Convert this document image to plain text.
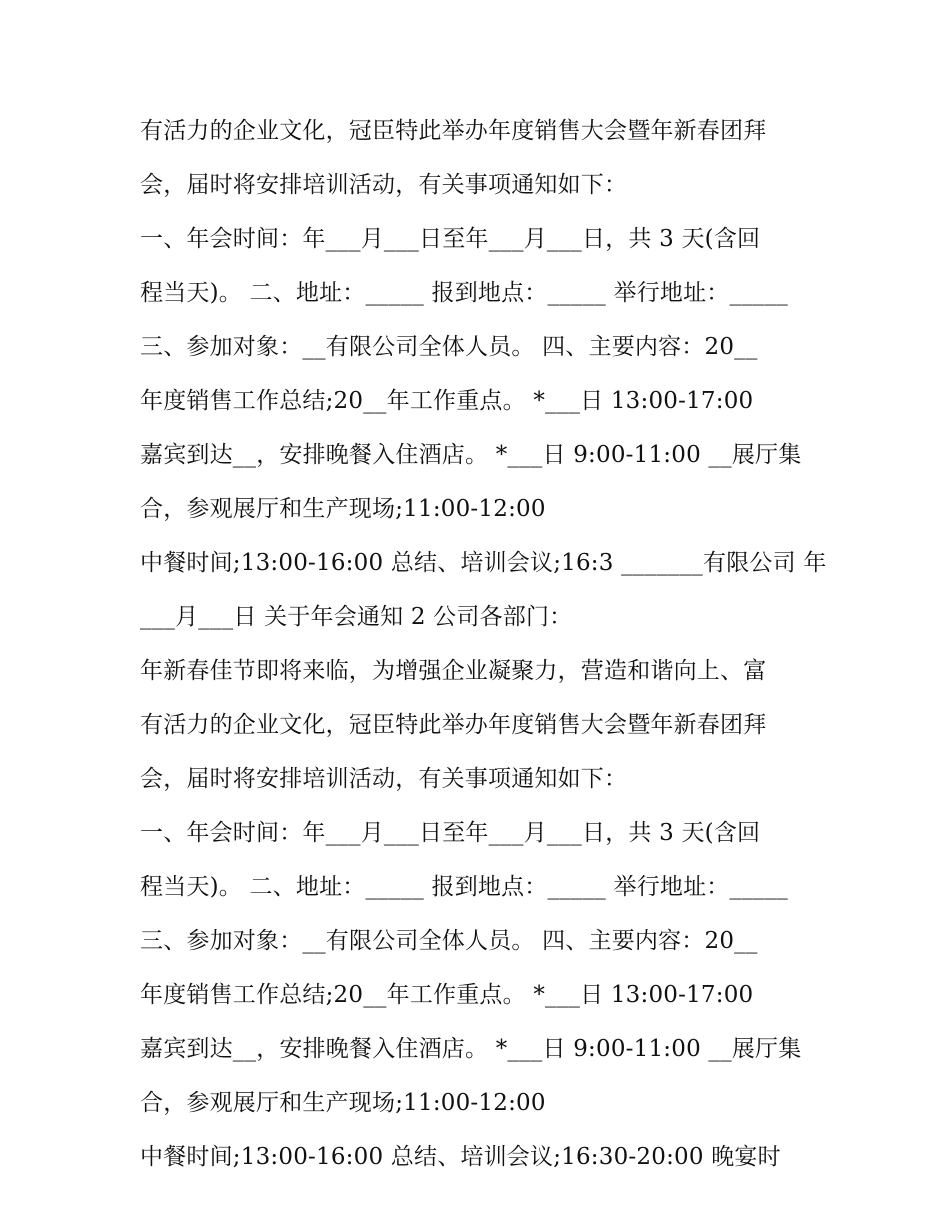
有活力的企业文化，冠臣特此举办年度销售大会暨年新春团拜
会，届时将安排培训活动，有关事项通知如下：
一、年会时间：年___月___日至年___月___日，共 3 天(含回
程当天)。 二、地址：_____ 报到地点：_____ 举行地址：_____
三、参加对象：__有限公司全体人员。 四、主要内容：20__
年度销售工作总结;20__年工作重点。 *___日 13:00-17:00
嘉宾到达__，安排晚餐入住酒店。 *___日 9:00-11:00 __展厅集
合，参观展厅和生产现场;11:00-12:00
中餐时间;13:00-16:00 总结、培训会议;16:3 _______有限公司 年
___月___日 关于年会通知 2 公司各部门：
年新春佳节即将来临，为增强企业凝聚力，营造和谐向上、富
有活力的企业文化，冠臣特此举办年度销售大会暨年新春团拜
会，届时将安排培训活动，有关事项通知如下：
一、年会时间：年___月___日至年___月___日，共 3 天(含回
程当天)。 二、地址：_____ 报到地点：_____ 举行地址：_____
三、参加对象：__有限公司全体人员。 四、主要内容：20__
年度销售工作总结;20__年工作重点。 *___日 13:00-17:00
嘉宾到达__，安排晚餐入住酒店。 *___日 9:00-11:00 __展厅集
合，参观展厅和生产现场;11:00-12:00
中餐时间;13:00-16:00 总结、培训会议;16:30-20:00 晚宴时
